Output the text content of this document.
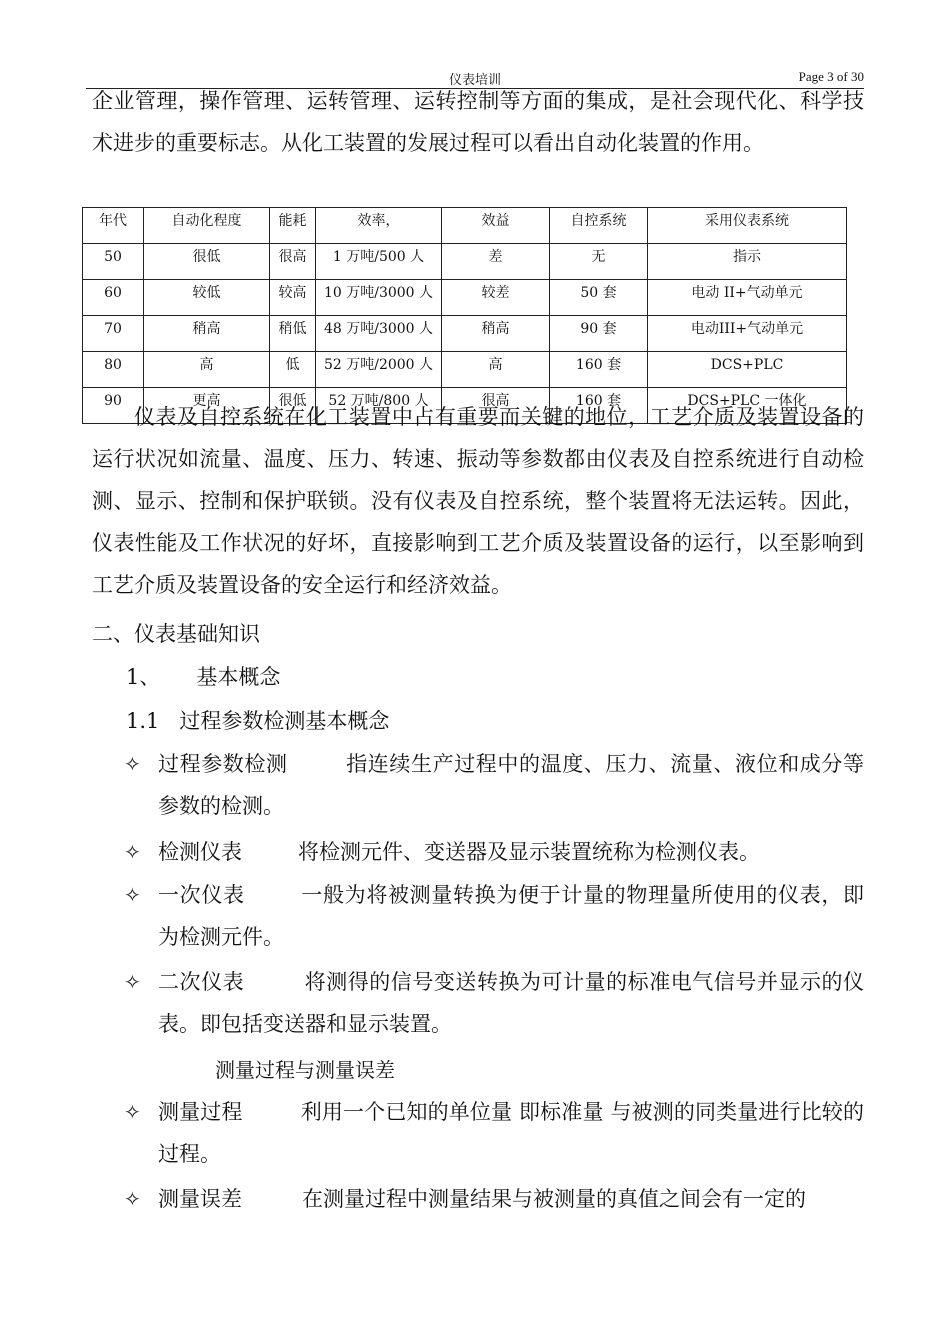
仪表培训	Page 3 of 30

企业管理，操作管理、运转管理、运转控制等方面的集成，是社会现代化、科学技术进步的重要标志。从化工装置的发展过程可以看出自动化装置的作用。

年代	自动化程度	能耗	效率，	效益	自控系统	采用仪表系统
50	很低	很高	1 万吨/500 人	差	无	指示
60	较低	较高	10 万吨/3000 人	较差	50 套	电动 II+气动单元
70	稍高	稍低	48 万吨/3000 人	稍高	90 套	电动III+气动单元
80	高	低	52 万吨/2000 人	高	160 套	DCS+PLC
90	更高	很低	52 万吨/800 人	很高	160 套	DCS+PLC 一体化

仪表及自控系统在化工装置中占有重要而关键的地位，工艺介质及装置设备的运行状况如流量、温度、压力、转速、振动等参数都由仪表及自控系统进行自动检测、显示、控制和保护联锁。没有仪表及自控系统，整个装置将无法运转。因此，仪表性能及工作状况的好坏，直接影响到工艺介质及装置设备的运行，以至影响到工艺介质及装置设备的安全运行和经济效益。

二、仪表基础知识

1、 基本概念

1.1 过程参数检测基本概念

✧ 过程参数检测	指连续生产过程中的温度、压力、流量、液位和成分等参数的检测。
✧ 检测仪表	将检测元件、变送器及显示装置统称为检测仪表。
✧ 一次仪表	一般为将被测量转换为便于计量的物理量所使用的仪表，即为检测元件。
✧ 二次仪表	将测得的信号变送转换为可计量的标准电气信号并显示的仪表。即包括变送器和显示装置。

测量过程与测量误差

✧ 测量过程	利用一个已知的单位量 即标准量 与被测的同类量进行比较的过程。
✧ 测量误差	在测量过程中测量结果与被测量的真值之间会有一定的
